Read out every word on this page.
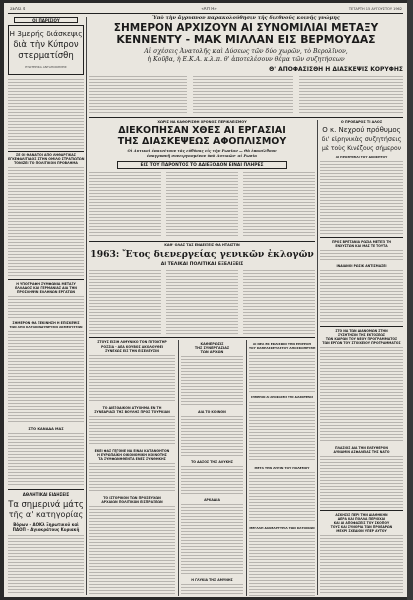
ΣΕΛΙΣ 4	«ΑΥΓΗ»	ΤΕΤΑΡΤΗ 15 ΑΥΓΟΥΣΤΟΥ 1962
ΟΙ ΠΑΡΙΣΙΟΥ
Η 3μερής διάσκεψις
διὰ τὴν Κύπρον
στερματίσθη
ΕΞΩΤΕΡΙΚΑ ΑΝΤΑΠΟΚΡΙΣΕΙΣ
ΣΕ ΟΙ ΘΑΝΑΤΟΙ ΑΠΟ ΛΗΘΑΡΓΙΚΑΣ
ΕΓΚΕΦΑΛΙΤΙΔΟΣ ΣΤΗΝ ΟΜΙΛΟ ΣΤΡΑΤΙΩΤΩΝ
ΤΟΝΙΖΕΙ ΤΟ ΠΟΛΙΤΙΚΟΝ ΠΡΟΒΛΗΜΑ
Η ΥΠΟΓΡΑΦΗ ΣΥΜΦΩΝΙΑ ΜΕΤΑΞΥ
ΕΛΛΑΔΟΣ ΚΑΙ ΓΕΡΜΑΝΙΑΣ ΔΙΑ ΤΗΝ
ΠΡΟΣΛΗΨΙΝ ΕΛΛΗΝΩΝ ΕΡΓΑΤΩΝ
ΣΗΜΕΡΟΝ ΘΑ ΞΕΚΙΝΗΣΗ Η ΕΠΙΣΚΕΨΙΣ
ΤΩΝ ΑΠΟ ΚΑΤΑΚΙΝΔΥΝΕΥΣΙΝ ΑΚΜΕΟΥΣΤΩΝ
ΣΤΟ ΚΑΝΑΔΑ ΜΑΣ
ΑΘΛΗΤΙΚΑΙ ΕΙΔΗΣΕΙΣ
Τα σημερινά μάτς
τῆς α' κατηγορίας
Βόρων - ΑΟΚλ Ξηρωτικοῦ καὶ
ΠΑΟΠ - Αγιοκράτους Κυριακῆ
Ὑπὸ τὴν ἄγρυπνον παρακολούθησιν τῆς διεθνοῦς κοινῆς γνώμης
ΣΗΜΕΡΟΝ ΑΡΧΙΖΟΥΝ ΑΙ ΣΥΝΟΜΙΛΙΑΙ ΜΕΤΑΞΥ
ΚΕΝΝΕΝΤΥ - ΜΑΚ ΜΙΛΛΑΝ ΕΙΣ ΒΕΡΜΟΥΔΑΣ
Αἱ σχέσεις Ἀνατολῆς καὶ Δύσεως τῶν δύο χωρῶν, τὸ Βερολῖνον,
ἡ Κοῦβα, ἡ Ε.Κ.Α. κ.λ.π. θ' ἀποτελέσουν θέμα τῶν συζητήσεων
Θ' ΑΠΟΦΑΣΙΣΘΗ Η ΔΙΑΣΚΕΨΙΣ ΚΟΡΥΦΗΣ
ΧΩΡΙΣ ΝΑ ΚΑΘΟΡΙΣΘΗ ΧΡΟΝΟΣ ΠΕΡΙΚΛΕΙΣΜΟΥ
ΔΙΕΚΟΠΗΣΑΝ ΧΘΕΣ ΑΙ ΕΡΓΑΣΙΑΙ
ΤΗΣ ΔΙΑΣΚΕΨΕΩΣ ΑΦΟΠΛΙΣΜΟΥ
Οἱ Δυτικοὶ ἐπαινέτουν τὰς εὐθύνας εἰς τὴν Ρωσίαν — Θὰ ἐπανέλθουν
ἐπαγρυπνῆ συνειργασμένον ὑπὸ Δυτικῶν· αἱ Ρωσία
ΕΙΣ ΤΟΥ ΠΑΡΟΝΤΟΣ ΤΟ ΑΔΙΕΞΟΔΟΝ ΕΙΝΑΙ ΠΛΗΡΕΣ
ΚΑΘ' ΟΛΑΣ ΤΑΣ ΕΝΔΕΙΞΕΙΣ ΘΑ ΗΤΑΙΣΤΙΝ
1963: Ἔτος διενεργείας γενικῶν ἐκλογῶν
ΑΙ ΤΕΛΙΚΑΙ ΠΟΛΙΤΙΚΑΙ ΕΞΕΛΙΞΕΙΣ
ΣΤΟΥΣ ΕΙΣΙΗ ΛΙΜΥΝΙΚΟ ΤΟΝ ΠΙΤΟΚΤΗΡ
ΡΟΣΣΙΑ - ΑΕΑ ΚΟΥΒΟΣ ΑΚΟΛΟΥΘΕΙ
ΣΥΝΕΧΩΣ ΕΙΣ ΤΗΝ ΕΙΣΕΛΕΥΣΙΝ
ΤΟ ΔΙΕΞΟΔΙΚΟΝ ΑΤΥΧΗΜΑ ΕΝ ΤΗ
ΣΥΝΕΔΡΙΑΣΙ ΤΗΣ ΒΟΥΛΗΣ ΠΡΟΣ ΤΟΥΡΚΙΑΝ
ΕΚΕΙ ΦΑΣ ΓΕΓΟΝΕ ΝΑ ΕΙΝΑΙ ΚΑΤΑΝΟΗΤΟΝ
Η ΕΥΡΩΠΑΪΚΗ ΟΙΚΟΝΟΜΙΚΗ ΚΟΙΝΟΤΗΣ
ΤΑ ΣΥΜΦΩΝΗΘΕΝΤΑ ΕΝΕΣ ΣΥΝΘΗΚΗΣ
ΤΟ ΙΣΤΟΡΙΚΟΝ ΤΩΝ ΠΡΟΣΕΥΧΩΝ
ΑΡΧΑΙΩΝ ΠΟΛΙΤΙΚΩΝ ΕΙΣΠΡΑΞΕΩΝ
ΚΑΘΙΕΡΩΣΙΣ
ΤΗΣ ΣΥΝΕΡΓΑΣΙΑΣ
ΤΩΝ ΑΡΧΩΝ
ΔΙΑ ΤΟ ΚΟΙΝΟΝ
ΤΟ ΔΑΣΟΣ ΤΗΣ ΑΛΥΚΗΣ
ΑΡΚΑΔΙΑ
Η ΓΛΥΚΙΑ ΤΗΣ ΑΜΥΝΗΣ
ΑΙ ΝΕΑ ΕΚ ΕΚΛΙΣΦΙΝ ΤΗΝ ΕΠΙΡΡΟΗ
ΤΟΥ ΚΑΘΡΑΣΚΕΥΑΣΤΟΥ ΑΠΟΣΚΟΠΕΥΘΗ
ΣΗΜΕΡΟΝ ΑΙ ΑΠΟΦΑΣΕΙΣ ΤΗΣ ΔΙΑΣΚΕΨΕΩΣ
ΜΕΤΑ ΤΗΝ ΛΗΞΙΝ ΤΟΥ ΠΟΛΕΜΟΥ
ΜΕΓΑΛΗ ΔΙΑΜΑΡΤΥΡΙΑ ΤΩΝ ΚΑΤΟΙΚΩΝ
Ο ΠΡΟΕΔΡΟΣ ΤΙ ΑΛΟΣ
Ο κ. Νεχρού πρόθυμος
δι' εἰρηνικὰς συζητήσεις
μὲ τοὺς Κινέζους σήμερον
ΑΙ ΠΡΟΘΥΜΙΑΙ ΤΟΥ ΔΙΟΙΚΗΤΟΥ
ΠΡΟΣ ΒΡΕΤΑΝΙΑ ΡΩΣΙΑ ΜΕΤΕΞΙ ΤΗ
ΕΝΧΥΣΤΩΝ ΚΑΙ ΜΑΣ ΤΕ ΤΟΥΤΑ
ΙΝΔΙΑΝΟΙ ΡΩΣΙΚ ΑΝΤΙΣΜΑΣΕΙ
ΣΤΟ ΝΑ ΤΩΝ ΔΙΑΝΟΜΩΝ ΣΤΗΝ
ΣΥΖΗΤΗΣΙΝ ΤΗΣ ΕΚΤΟΣΕΩΣ
ΤΩΝ ΚΑΙΡΩΝ ΤΟΥ ΝΕΟΥ ΠΡΟΓΡΑΜΜΑΤΟΣ
ΤΩΝ ΕΡΓΩΝ ΤΟΥ ΣΤΟΙΧΕΙΟΥ ΠΡΟΓΡΑΜΜΑΤΟΣ
ΠΛΑΣΙΟΣ ΔΙΑ ΤΗΝ ΕΛΕΥΘΕΡΟΝ
ΔΥΝΑΜΙΝ ΑΣΦΑΛΕΙΑΣ ΤΗΣ ΝΑΤΟ
ΑΣΚΗΣΙΣ ΠΕΡΙ ΤΗΝ ΔΙΑΘΗΚΗΝ
ΔΕΡΑ ΚΑΙ ΠΟΛΛΑ ΠΕΡΙΟΧΑΙ
ΚΑΙ ΑΙ ΑΠΟΦΑΣΕΙΣ ΤΟΥ ΣΚΟΠΟΥ
ΤΟΥΣ ΚΑΙ ΣΥΝΟΡΙΑ ΤΩΝ ΠΡΟΕΔΡΩΝ
ΜΕΧΡΙ ΣΧΕΔΙΟΝ ΥΠΕΡ ΑΥΤΟΥ
